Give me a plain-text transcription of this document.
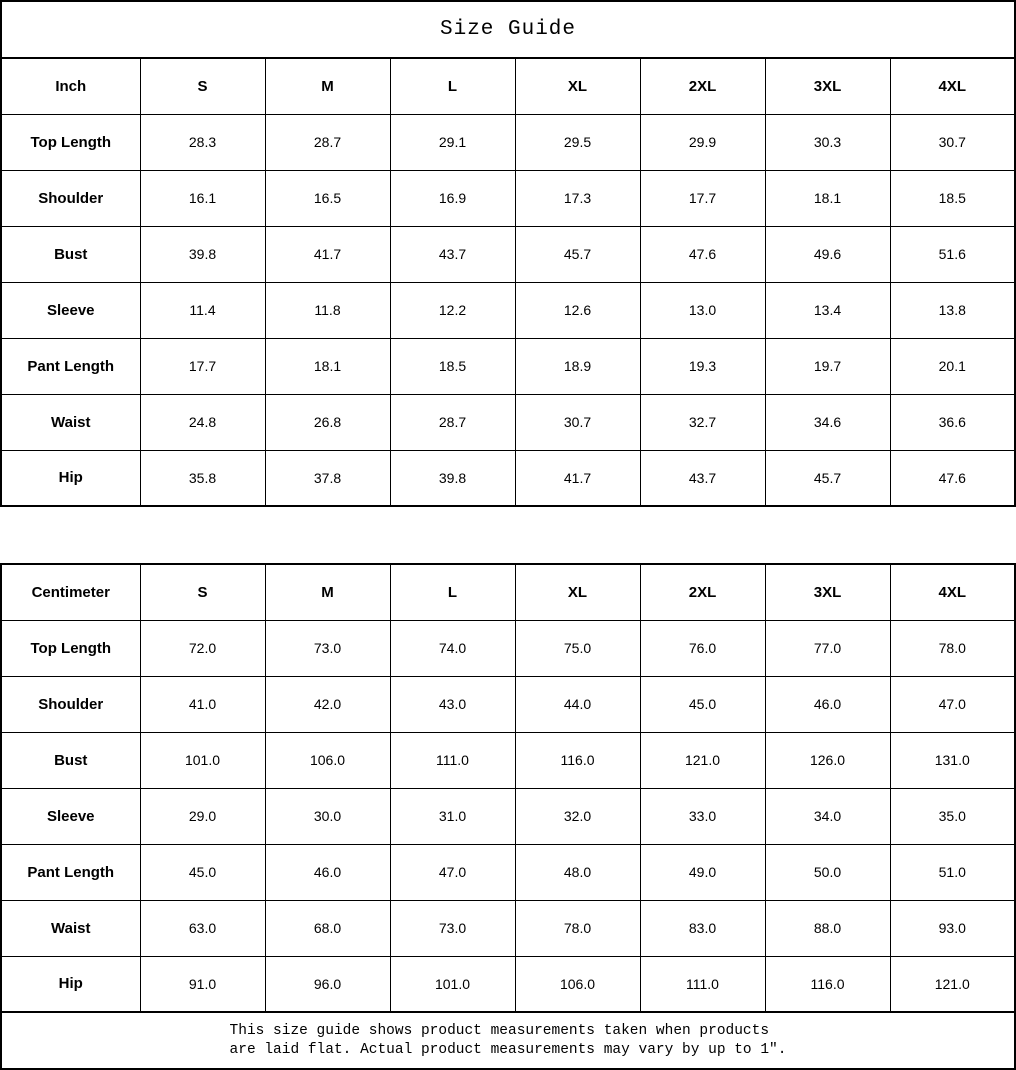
Size Guide
Inch	S	M	L	XL	2XL	3XL	4XL
Top Length	28.3	28.7	29.1	29.5	29.9	30.3	30.7
Shoulder	16.1	16.5	16.9	17.3	17.7	18.1	18.5
Bust	39.8	41.7	43.7	45.7	47.6	49.6	51.6
Sleeve	11.4	11.8	12.2	12.6	13.0	13.4	13.8
Pant Length	17.7	18.1	18.5	18.9	19.3	19.7	20.1
Waist	24.8	26.8	28.7	30.7	32.7	34.6	36.6
Hip	35.8	37.8	39.8	41.7	43.7	45.7	47.6
Centimeter	S	M	L	XL	2XL	3XL	4XL
Top Length	72.0	73.0	74.0	75.0	76.0	77.0	78.0
Shoulder	41.0	42.0	43.0	44.0	45.0	46.0	47.0
Bust	101.0	106.0	111.0	116.0	121.0	126.0	131.0
Sleeve	29.0	30.0	31.0	32.0	33.0	34.0	35.0
Pant Length	45.0	46.0	47.0	48.0	49.0	50.0	51.0
Waist	63.0	68.0	73.0	78.0	83.0	88.0	93.0
Hip	91.0	96.0	101.0	106.0	111.0	116.0	121.0
This size guide shows product measurements taken when products
are laid flat. Actual product measurements may vary by up to 1″.
